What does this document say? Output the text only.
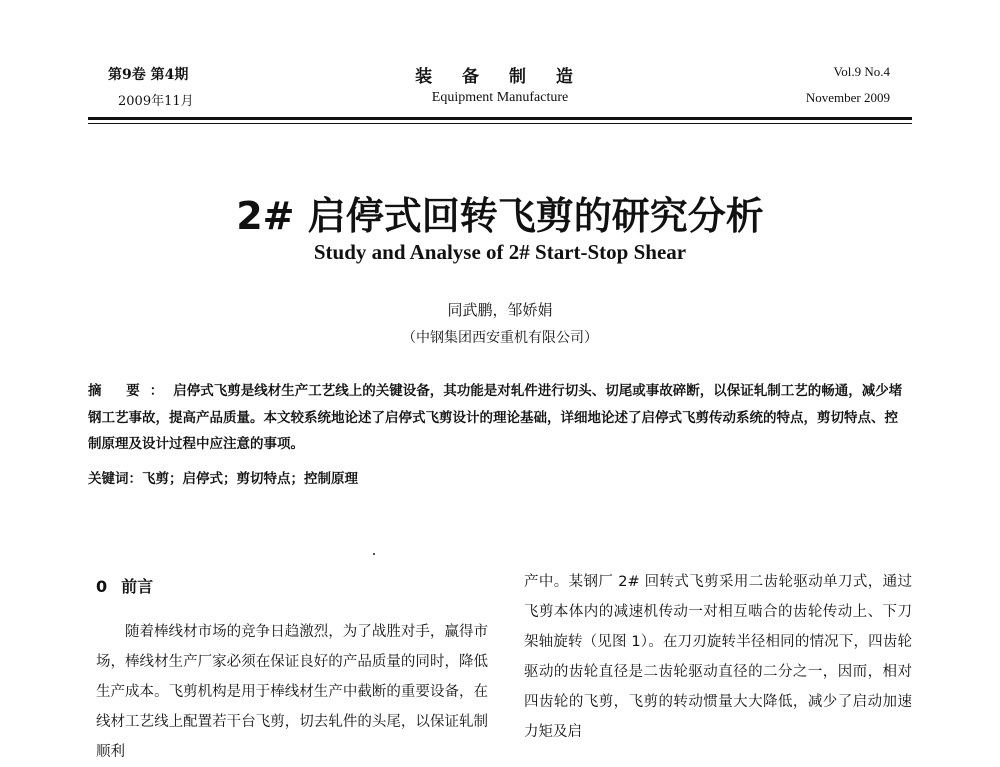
第9卷 第4期
2009年11月
装 备 制 造
Equipment Manufacture
Vol.9 No.4
November 2009
2# 启停式回转飞剪的研究分析
Study and Analyse of 2# Start-Stop Shear
同武鹏，邹娇娟
（中钢集团西安重机有限公司）
摘 要：启停式飞剪是线材生产工艺线上的关键设备，其功能是对轧件进行切头、切尾或事故碎断，以保证轧制工艺的畅通，减少堵钢工艺事故，提高产品质量。本文较系统地论述了启停式飞剪设计的理论基础，详细地论述了启停式飞剪传动系统的特点，剪切特点、控制原理及设计过程中应注意的事项。
关键词：飞剪；启停式；剪切特点；控制原理
0 前言
随着棒线材市场的竞争日趋激烈，为了战胜对手，赢得市场，棒线材生产厂家必须在保证良好的产品质量的同时，降低生产成本。飞剪机构是用于棒线材生产中截断的重要设备，在线材工艺线上配置若干台飞剪，切去轧件的头尾，以保证轧制顺利
产中。某钢厂 2# 回转式飞剪采用二齿轮驱动单刀式，通过飞剪本体内的减速机传动一对相互啮合的齿轮传动上、下刀架轴旋转（见图 1）。在刀刃旋转半径相同的情况下，四齿轮驱动的齿轮直径是二齿轮驱动直径的二分之一，因而，相对四齿轮的飞剪，飞剪的转动惯量大大降低，减少了启动加速力矩及启
